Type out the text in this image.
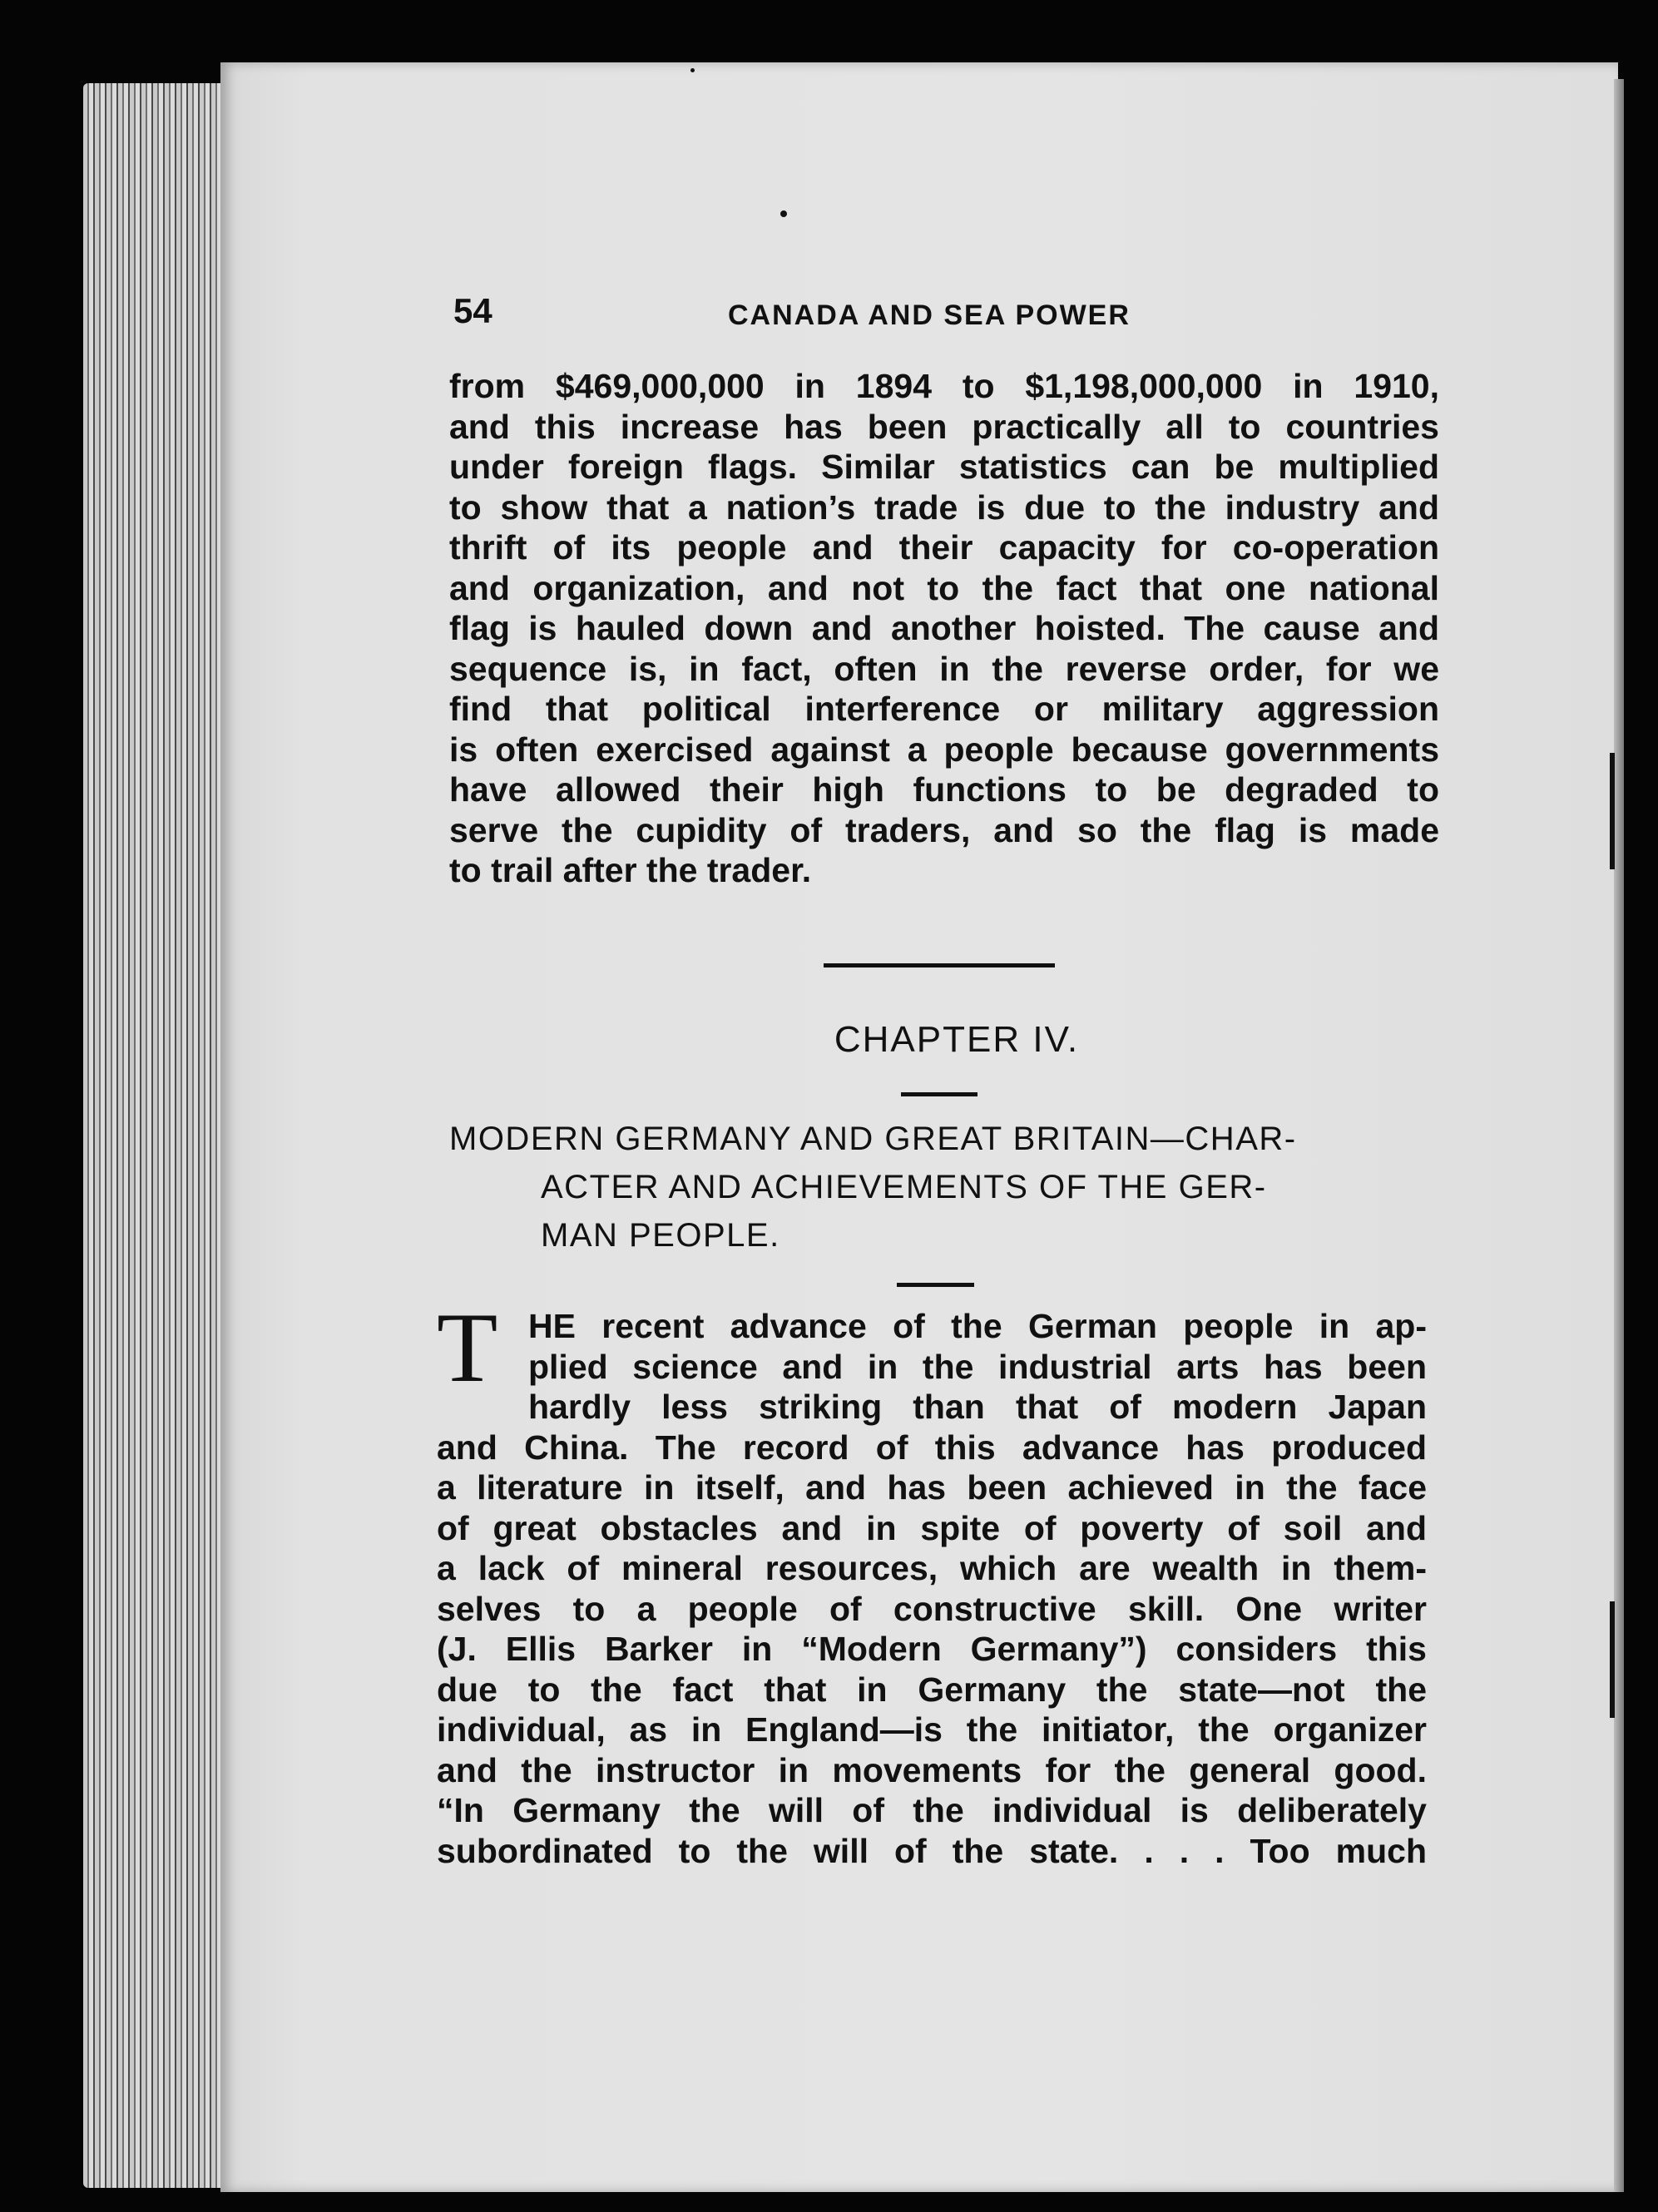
54	CANADA AND SEA POWER
from $469,000,000 in 1894 to $1,198,000,000 in 1910,
and this increase has been practically all to countries
under foreign flags. Similar statistics can be multiplied
to show that a nation’s trade is due to the industry and
thrift of its people and their capacity for co-operation
and organization, and not to the fact that one national
flag is hauled down and another hoisted. The cause and
sequence is, in fact, often in the reverse order, for we
find that political interference or military aggression
is often exercised against a people because governments
have allowed their high functions to be degraded to
serve the cupidity of traders, and so the flag is made
to trail after the trader.
CHAPTER IV.
MODERN GERMANY AND GREAT BRITAIN—CHAR-
ACTER AND ACHIEVEMENTS OF THE GER-
MAN PEOPLE.
T HE recent advance of the German people in ap-
plied science and in the industrial arts has been
hardly less striking than that of modern Japan
and China. The record of this advance has produced
a literature in itself, and has been achieved in the face
of great obstacles and in spite of poverty of soil and
a lack of mineral resources, which are wealth in them-
selves to a people of constructive skill. One writer
(J. Ellis Barker in “Modern Germany”) considers this
due to the fact that in Germany the state—not the
individual, as in England—is the initiator, the organizer
and the instructor in movements for the general good.
“In Germany the will of the individual is deliberately
subordinated to the will of the state. . . . Too much
